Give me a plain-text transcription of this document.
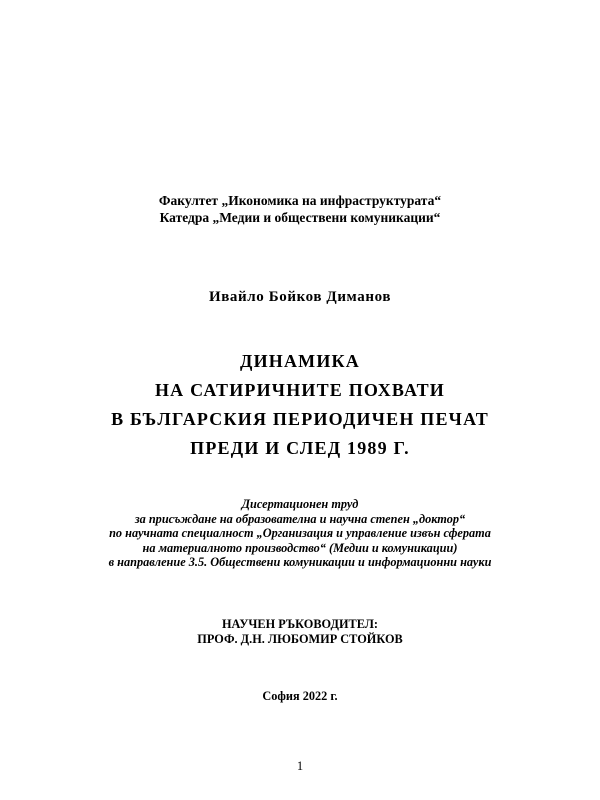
Факултет „Икономика на инфраструктурата“
Катедра „Медии и обществени комуникации“
Ивайло Бойков Диманов
ДИНАМИКА
НА САТИРИЧНИТЕ ПОХВАТИ
В БЪЛГАРСКИЯ ПЕРИОДИЧЕН ПЕЧАТ
ПРЕДИ И СЛЕД 1989 Г.
Дисертационен труд
за присъждане на образователна и научна степен „доктор“
по научната специалност „Организация и управление извън сферата
на материалното производство“ (Медии и комуникации)
в направление 3.5. Обществени комуникации и информационни науки
НАУЧЕН РЪКОВОДИТЕЛ:
ПРОФ. Д.Н. ЛЮБОМИР СТОЙКОВ
София 2022 г.
1
